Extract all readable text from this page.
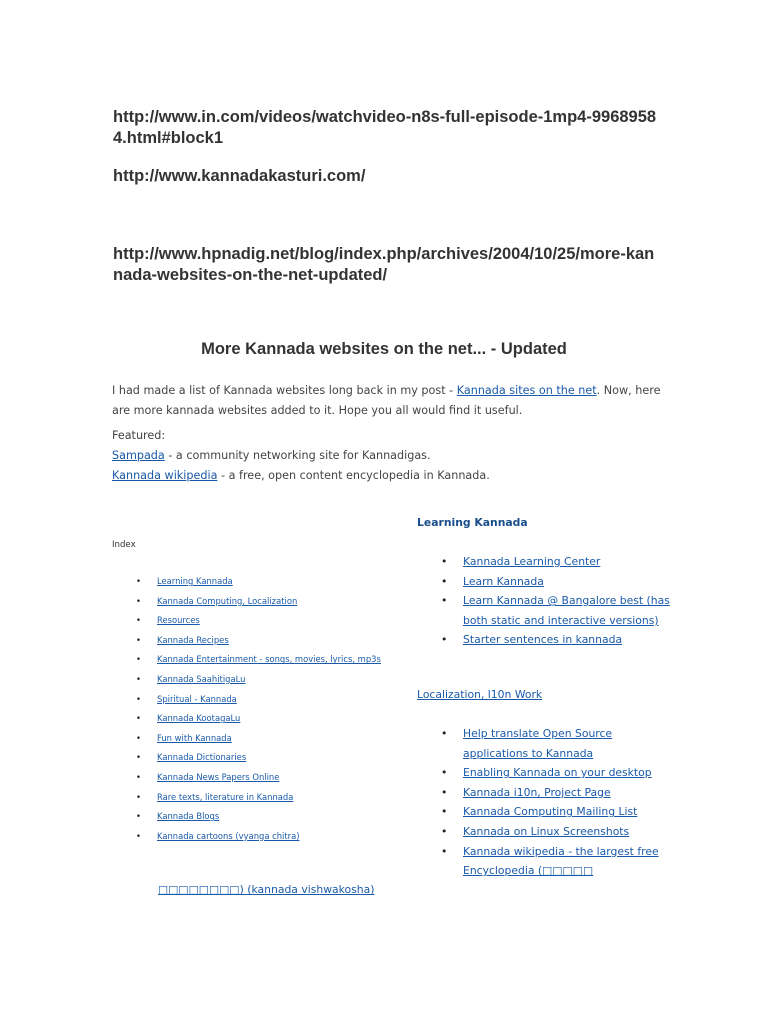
http://www.in.com/videos/watchvideo-n8s-full-episode-1mp4-99689584.html#block1

http://www.kannadakasturi.com/

http://www.hpnadig.net/blog/index.php/archives/2004/10/25/more-kannada-websites-on-the-net-updated/

More Kannada websites on the net... - Updated

I had made a list of Kannada websites long back in my post - Kannada sites on the net. Now, here are more kannada websites added to it. Hope you all would find it useful.

Featured:
Sampada - a community networking site for Kannadigas.
Kannada wikipedia - a free, open content encyclopedia in Kannada.
Index
• Learning Kannada
• Kannada Computing, Localization
• Resources
• Kannada Recipes
• Kannada Entertainment - songs, movies, lyrics, mp3s
• Kannada SaahitigaLu
• Spiritual - Kannada
• Kannada KootagaLu
• Fun with Kannada
• Kannada Dictionaries
• Kannada News Papers Online
• Rare texts, literature in Kannada
• Kannada Blogs
• Kannada cartoons (vyanga chitra)
□□□□□□□□) (kannada vishwakosha)
Learning Kannada
• Kannada Learning Center
• Learn Kannada
• Learn Kannada @ Bangalore best (has both static and interactive versions)
• Starter sentences in kannada
Localization, l10n Work
• Help translate Open Source applications to Kannada
• Enabling Kannada on your desktop
• Kannada i10n, Project Page
• Kannada Computing Mailing List
• Kannada on Linux Screenshots
• Kannada wikipedia - the largest free Encyclopedia (□□□□□
